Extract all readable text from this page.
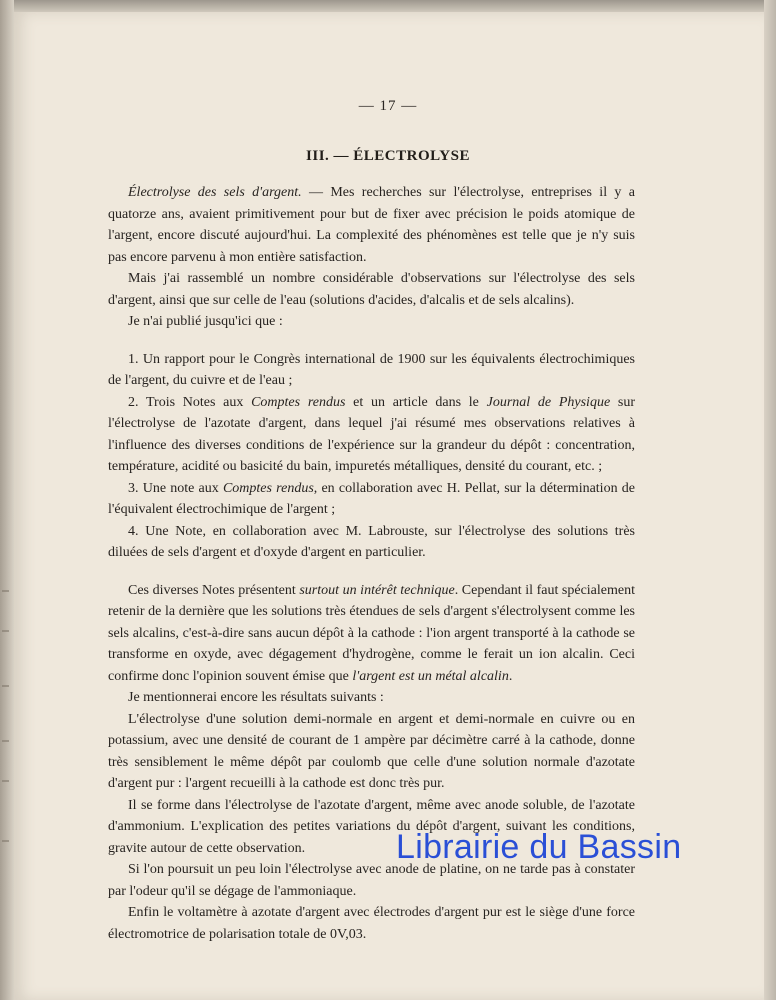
— 17 —
III. — ÉLECTROLYSE

Électrolyse des sels d'argent. — Mes recherches sur l'électrolyse, entreprises il y a quatorze ans, avaient primitivement pour but de fixer avec précision le poids atomique de l'argent, encore discuté aujourd'hui. La complexité des phénomènes est telle que je n'y suis pas encore parvenu à mon entière satisfaction.

Mais j'ai rassemblé un nombre considérable d'observations sur l'électrolyse des sels d'argent, ainsi que sur celle de l'eau (solutions d'acides, d'alcalis et de sels alcalins).

Je n'ai publié jusqu'ici que :

1. Un rapport pour le Congrès international de 1900 sur les équivalents électrochimiques de l'argent, du cuivre et de l'eau ;

2. Trois Notes aux Comptes rendus et un article dans le Journal de Physique sur l'électrolyse de l'azotate d'argent, dans lequel j'ai résumé mes observations relatives à l'influence des diverses conditions de l'expérience sur la grandeur du dépôt : concentration, température, acidité ou basicité du bain, impuretés métalliques, densité du courant, etc. ;

3. Une note aux Comptes rendus, en collaboration avec H. Pellat, sur la détermination de l'équivalent électrochimique de l'argent ;

4. Une Note, en collaboration avec M. Labrouste, sur l'électrolyse des solutions très diluées de sels d'argent et d'oxyde d'argent en particulier.

Ces diverses Notes présentent surtout un intérêt technique. Cependant il faut spécialement retenir de la dernière que les solutions très étendues de sels d'argent s'électrolysent comme les sels alcalins, c'est-à-dire sans aucun dépôt à la cathode : l'ion argent transporté à la cathode se transforme en oxyde, avec dégagement d'hydrogène, comme le ferait un ion alcalin. Ceci confirme donc l'opinion souvent émise que l'argent est un métal alcalin.

Je mentionnerai encore les résultats suivants :

L'électrolyse d'une solution demi-normale en argent et demi-normale en cuivre ou en potassium, avec une densité de courant de 1 ampère par décimètre carré à la cathode, donne très sensiblement le même dépôt par coulomb que celle d'une solution normale d'azotate d'argent pur : l'argent recueilli à la cathode est donc très pur.

Il se forme dans l'électrolyse de l'azotate d'argent, même avec anode soluble, de l'azotate d'ammonium. L'explication des petites variations du dépôt d'argent, suivant les conditions, gravite autour de cette observation.

Si l'on poursuit un peu loin l'électrolyse avec anode de platine, on ne tarde pas à constater par l'odeur qu'il se dégage de l'ammoniaque.

Enfin le voltamètre à azotate d'argent avec électrodes d'argent pur est le siège d'une force électromotrice de polarisation totale de 0V,03.

Librairie du Bassin
